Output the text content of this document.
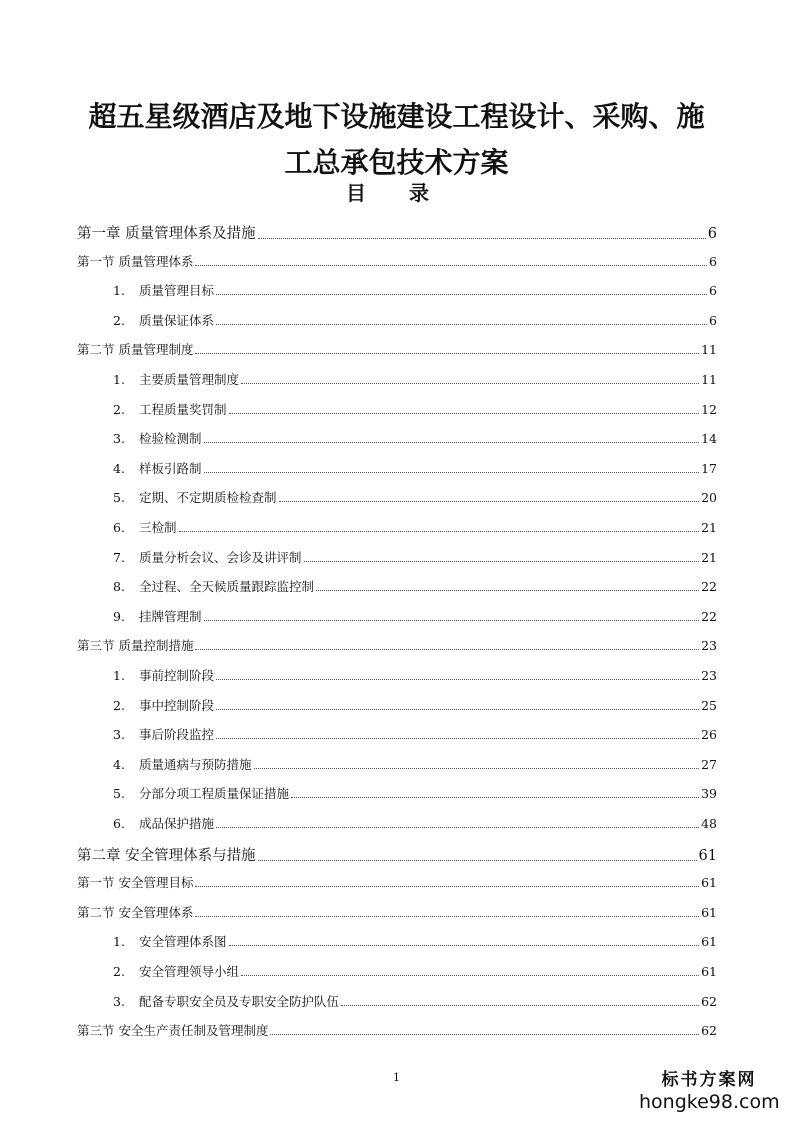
超五星级酒店及地下设施建设工程设计、采购、施
工总承包技术方案
目 录
第一章 质量管理体系及措施	6
第一节 质量管理体系	6
1.	质量管理目标	6
2.	质量保证体系	6
第二节 质量管理制度	11
1.	主要质量管理制度	11
2.	工程质量奖罚制	12
3.	检验检测制	14
4.	样板引路制	17
5.	定期、不定期质检检查制	20
6.	三检制	21
7.	质量分析会议、会诊及讲评制	21
8.	全过程、全天候质量跟踪监控制	22
9.	挂牌管理制	22
第三节 质量控制措施	23
1.	事前控制阶段	23
2.	事中控制阶段	25
3.	事后阶段监控	26
4.	质量通病与预防措施	27
5.	分部分项工程质量保证措施	39
6.	成品保护措施	48
第二章 安全管理体系与措施	61
第一节 安全管理目标	61
第二节 安全管理体系	61
1.	安全管理体系图	61
2.	安全管理领导小组	61
3.	配备专职安全员及专职安全防护队伍	62
第三节 安全生产责任制及管理制度	62
1	标书方案网
hongke98.com
